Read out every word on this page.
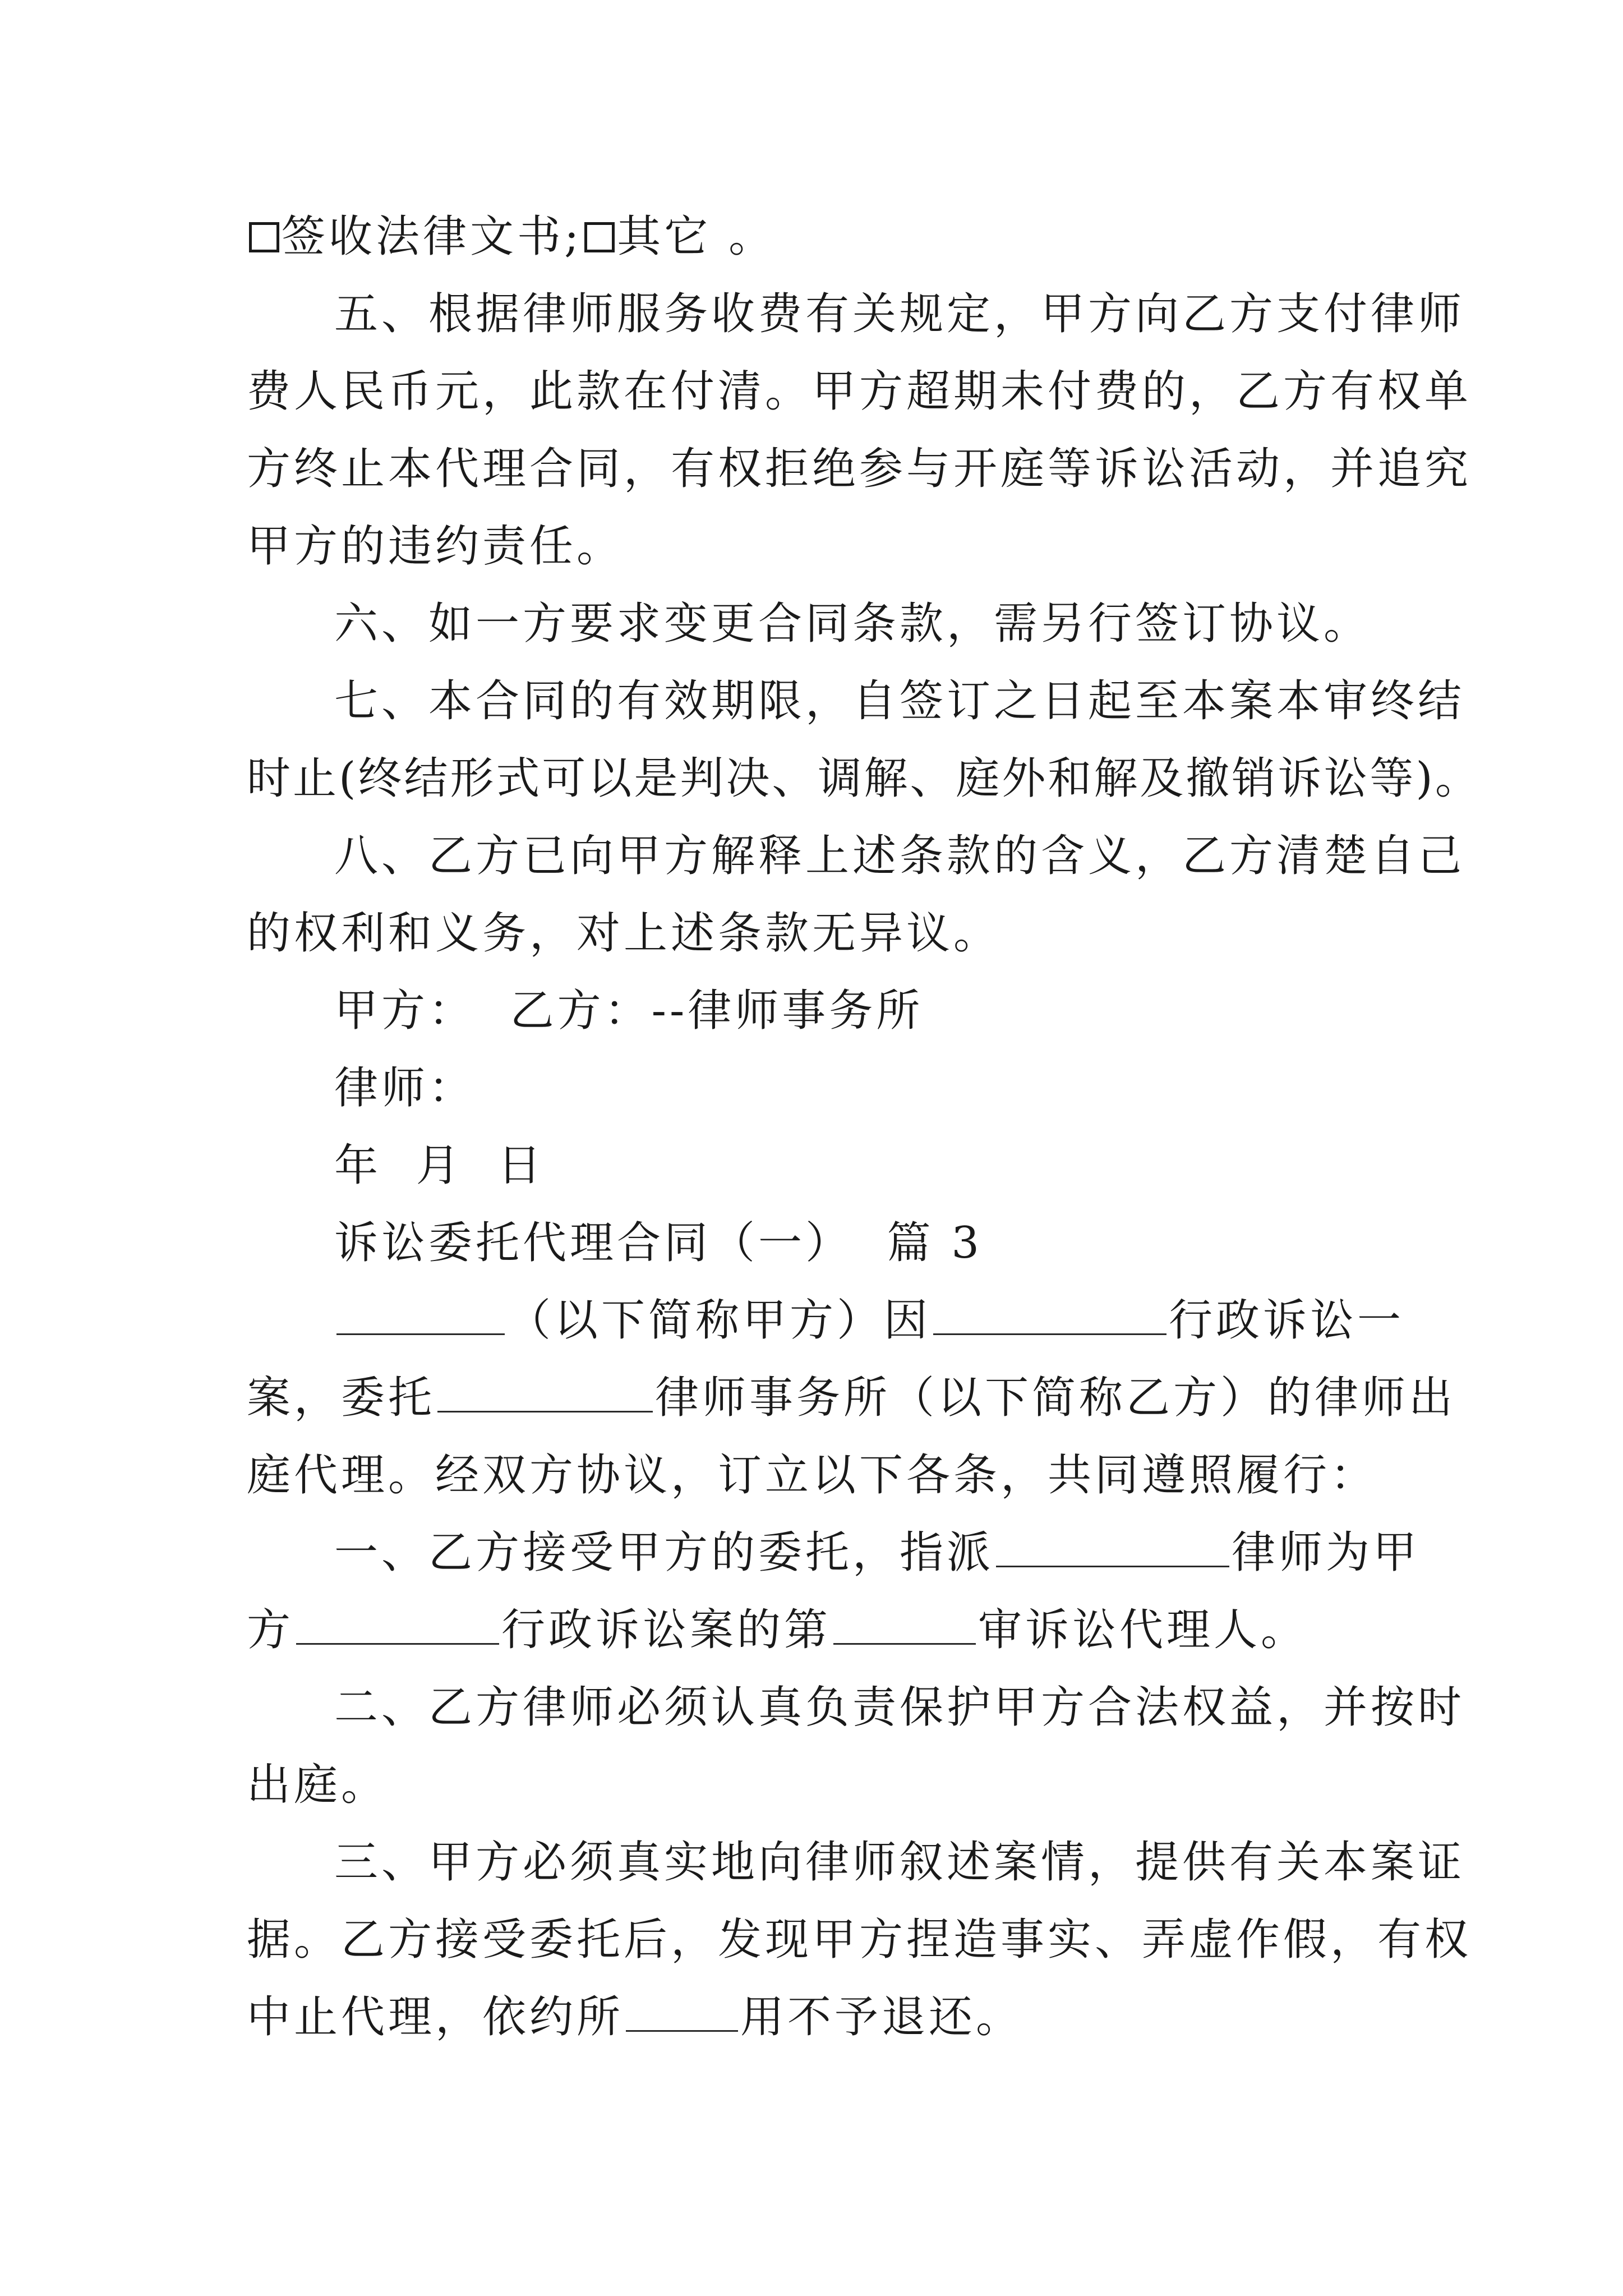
签收法律文书; 其它 。

五、根据律师服务收费有关规定，甲方向乙方支付律师

费人民币元，此款在付清。甲方超期未付费的，乙方有权单

方终止本代理合同，有权拒绝参与开庭等诉讼活动，并追究

甲方的违约责任。

六、如一方要求变更合同条款，需另行签订协议。

七、本合同的有效期限，自签订之日起至本案本审终结

时止(终结形式可以是判决、调解、庭外和解及撤销诉讼等)。

八、乙方已向甲方解释上述条款的含义，乙方清楚自己

的权利和义务，对上述条款无异议。

甲方：  乙方：--律师事务所

律师：

年  月  日

诉讼委托代理合同（一）  篇 3

（以下简称甲方）因	行政诉讼一

案，委托	律师事务所（以下简称乙方）的律师出

庭代理。经双方协议，订立以下各条，共同遵照履行：

一、乙方接受甲方的委托，指派	律师为甲

方	行政诉讼案的第	审诉讼代理人。

二、乙方律师必须认真负责保护甲方合法权益，并按时

出庭。

三、甲方必须真实地向律师叙述案情，提供有关本案证

据。乙方接受委托后，发现甲方捏造事实、弄虚作假，有权

中止代理，依约所	用不予退还。
